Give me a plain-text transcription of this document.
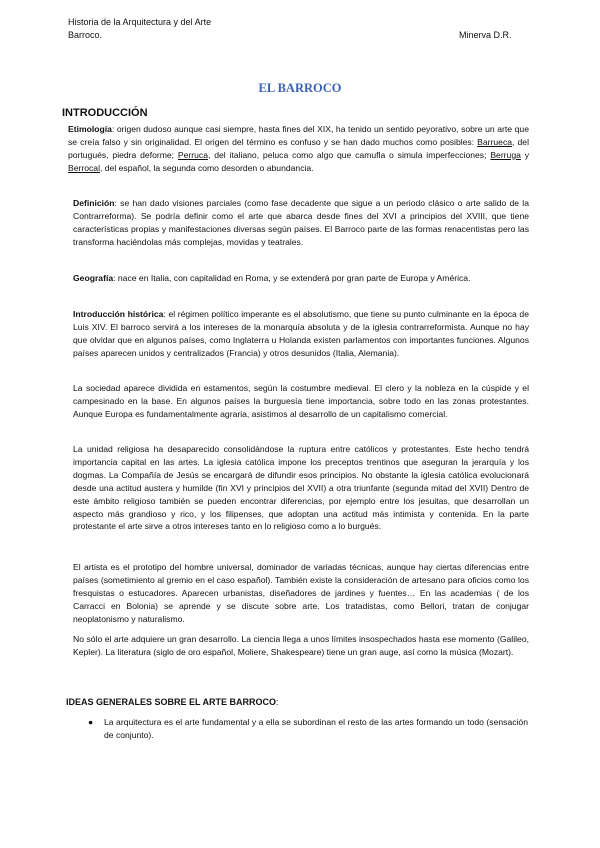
Historia de la Arquitectura y del Arte
Barroco.	Minerva D.R.
EL BARROCO
INTRODUCCIÓN

Etimología: origen dudoso aunque casi siempre, hasta fines del XIX, ha tenido un sentido peyorativo, sobre un arte que se creía falso y sin originalidad. El origen del término es confuso y se han dado muchos como posibles: Barrueca, del portugués, piedra deforme; Perruca, del italiano, peluca como algo que camufla o simula imperfecciones; Berruga y Berrocal, del español, la segunda como desorden o abundancia.

Definición: se han dado visiones parciales (como fase decadente que sigue a un periodo clásico o arte salido de la Contrarreforma). Se podría definir como el arte que abarca desde fines del XVI a principios del XVIII, que tiene características propias y manifestaciones diversas según países. El Barroco parte de las formas renacentistas pero las transforma haciéndolas más complejas, movidas y teatrales.

Geografía: nace en Italia, con capitalidad en Roma, y se extenderá por gran parte de Europa y América.

Introducción histórica: el régimen político imperante es el absolutismo, que tiene su punto culminante en la época de Luis XIV. El barroco servirá a los intereses de la monarquía absoluta y de la iglesia contrarreformista. Aunque no hay que olvidar que en algunos países, como Inglaterra u Holanda existen parlamentos con importantes funciones. Algunos países aparecen unidos y centralizados (Francia) y otros desunidos (Italia, Alemania).

La sociedad aparece dividida en estamentos, según la costumbre medieval. El clero y la nobleza en la cúspide y el campesinado en la base. En algunos países la burguesía tiene importancia, sobre todo en las zonas protestantes. Aunque Europa es fundamentalmente agraria, asistimos al desarrollo de un capitalismo comercial.

La unidad religiosa ha desaparecido consolidándose la ruptura entre católicos y protestantes. Este hecho tendrá importancia capital en las artes. La iglesia católica impone los preceptos trentinos que aseguran la jerarquía y los dogmas. La Compañía de Jesús se encargará de difundir esos principios. No obstante la iglesia católica evolucionará desde una actitud austera y humilde (fin XVI y principios del XVII) a otra triunfante (segunda mitad del XVII) Dentro de este ámbito religioso también se pueden encontrar diferencias, por ejemplo entre los jesuitas, que desarrollan un aspecto más grandioso y rico, y los filipenses, que adoptan una actitud más intimista y contenida. En la parte protestante el arte sirve a otros intereses tanto en lo religioso como a lo burgués.

El artista es el prototipo del hombre universal, dominador de variadas técnicas, aunque hay ciertas diferencias entre países (sometimiento al gremio en el caso español). También existe la consideración de artesano para oficios como los fresquistas o estucadores. Aparecen urbanistas, diseñadores de jardines y fuentes… En las academias ( de los Carracci en Bolonia) se aprende y se discute sobre arte. Los tratadistas, como Bellori, tratan de conjugar neoplatonismo y naturalismo.

No sólo el arte adquiere un gran desarrollo. La ciencia llega a unos límites insospechados hasta ese momento (Galileo, Kepler). La literatura (siglo de oro español, Moliere, Shakespeare) tiene un gran auge, así como la música (Mozart).

IDEAS GENERALES SOBRE EL ARTE BARROCO:
● La arquitectura es el arte fundamental y a ella se subordinan el resto de las artes formando un todo (sensación de conjunto).
